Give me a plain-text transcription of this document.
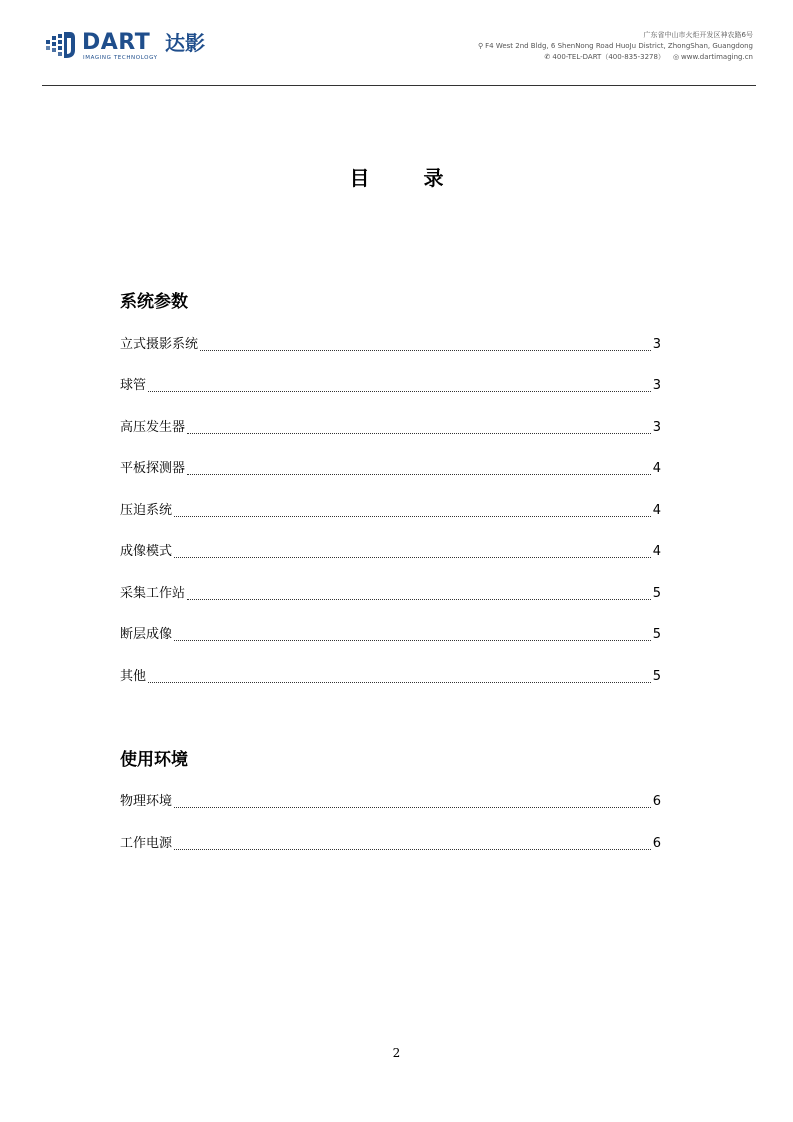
DART 达影
IMAGING TECHNOLOGY
广东省中山市火炬开发区神农路6号
⚲ F4 West 2nd Bldg, 6 ShenNong Road HuoJu District, ZhongShan, Guangdong
✆ 400-TEL-DART（400-835-3278） ◎ www.dartimaging.cn
目	录
系统参数
立式摄影系统	3
球管	3
高压发生器	3
平板探测器	4
压迫系统	4
成像模式	4
采集工作站	5
断层成像	5
其他	5
使用环境
物理环境	6
工作电源	6
2
